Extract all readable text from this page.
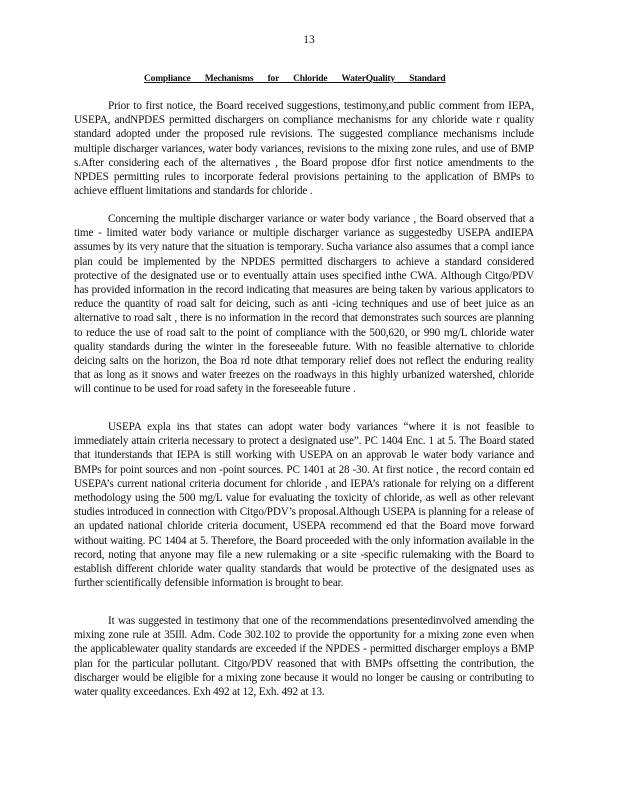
13
Compliance Mechanisms for Chloride WaterQuality Standard

Prior to first notice, the Board received suggestions, testimony,and public comment from IEPA, USEPA, andNPDES permitted dischargers on compliance mechanisms for any chloride wate r quality standard adopted under the proposed rule revisions. The suggested compliance mechanisms include multiple discharger variances, water body variances, revisions to the mixing zone rules, and use of BMP s.After considering each of the alternatives , the Board propose dfor first notice amendments to the NPDES permitting rules to incorporate federal provisions pertaining to the application of BMPs to achieve effluent limitations and standards for chloride .

Concerning the multiple discharger variance or water body variance , the Board observed that a time - limited water body variance or multiple discharger variance as suggestedby USEPA andIEPA assumes by its very nature that the situation is temporary. Sucha variance also assumes that a compl iance plan could be implemented by the NPDES permitted dischargers to achieve a standard considered protective of the designated use or to eventually attain uses specified inthe CWA. Although Citgo/PDV has provided information in the record indicating that measures are being taken by various applicators to reduce the quantity of road salt for deicing, such as anti -icing techniques and use of beet juice as an alternative to road salt , there is no information in the record that demonstrates such sources are planning to reduce the use of road salt to the point of compliance with the 500,620, or 990 mg/L chloride water quality standards during the winter in the foreseeable future. With no feasible alternative to chloride deicing salts on the horizon, the Boa rd note dthat temporary relief does not reflect the enduring reality that as long as it snows and water freezes on the roadways in this highly urbanized watershed, chloride will continue to be used for road safety in the foreseeable future .

USEPA expla ins that states can adopt water body variances “where it is not feasible to immediately attain criteria necessary to protect a designated use”. PC 1404 Enc. 1 at 5. The Board stated that itunderstands that IEPA is still working with USEPA on an approvab le water body variance and BMPs for point sources and non -point sources. PC 1401 at 28 -30. At first notice , the record contain ed USEPA’s current national criteria document for chloride , and IEPA’s rationale for relying on a different methodology using the 500 mg/L value for evaluating the toxicity of chloride, as well as other relevant studies introduced in connection with Citgo/PDV’s proposal.Although USEPA is planning for a release of an updated national chloride criteria document, USEPA recommend ed that the Board move forward without waiting. PC 1404 at 5. Therefore, the Board proceeded with the only information available in the record, noting that anyone may file a new rulemaking or a site -specific rulemaking with the Board to establish different chloride water quality standards that would be protective of the designated uses as further scientifically defensible information is brought to bear.

It was suggested in testimony that one of the recommendations presentedinvolved amending the mixing zone rule at 35Ill. Adm. Code 302.102 to provide the opportunity for a mixing zone even when the applicablewater quality standards are exceeded if the NPDES - permitted discharger employs a BMP plan for the particular pollutant. Citgo/PDV reasoned that with BMPs offsetting the contribution, the discharger would be eligible for a mixing zone because it would no longer be causing or contributing to water quality exceedances. Exh 492 at 12, Exh. 492 at 13.
